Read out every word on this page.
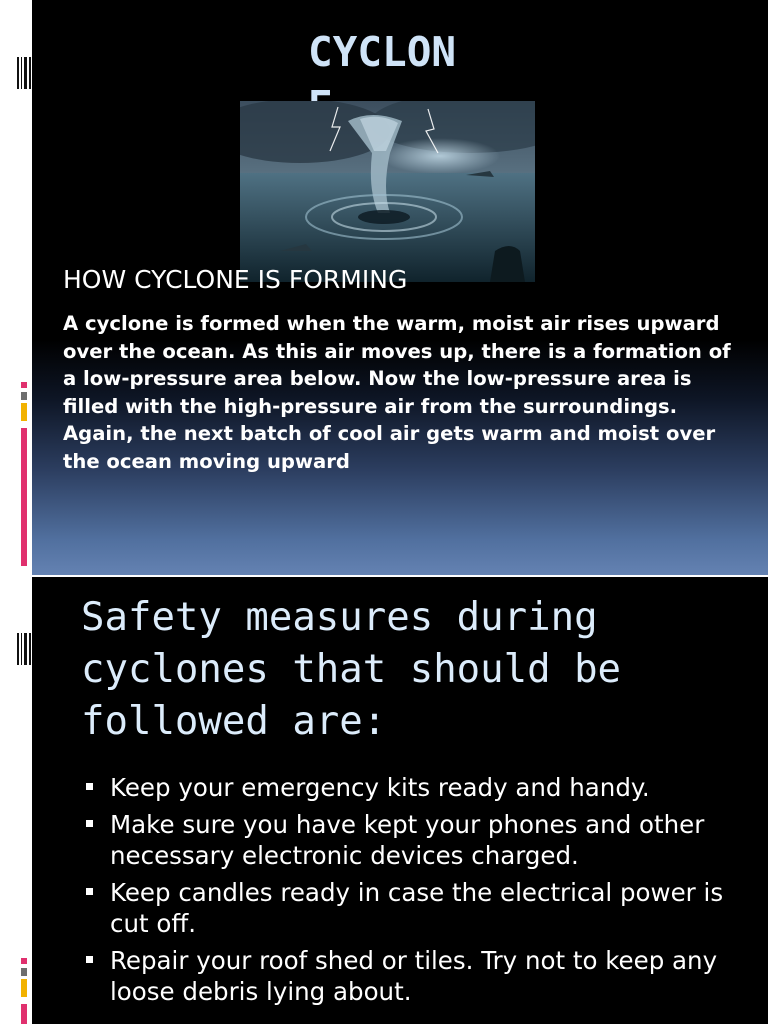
CYCLON
HOW CYCLONE IS FORMING

A cyclone is formed when the warm, moist air rises upward over the ocean. As this air moves up, there is a formation of a low-pressure area below. Now the low-pressure area is filled with the high-pressure air from the surroundings. Again, the next batch of cool air gets warm and moist over the ocean moving upward

Safety measures during cyclones that should be followed are:
Keep your emergency kits ready and handy.
Make sure you have kept your phones and other necessary electronic devices charged.
Keep candles ready in case the electrical power is cut off.
Repair your roof shed or tiles. Try not to keep any loose debris lying about.
